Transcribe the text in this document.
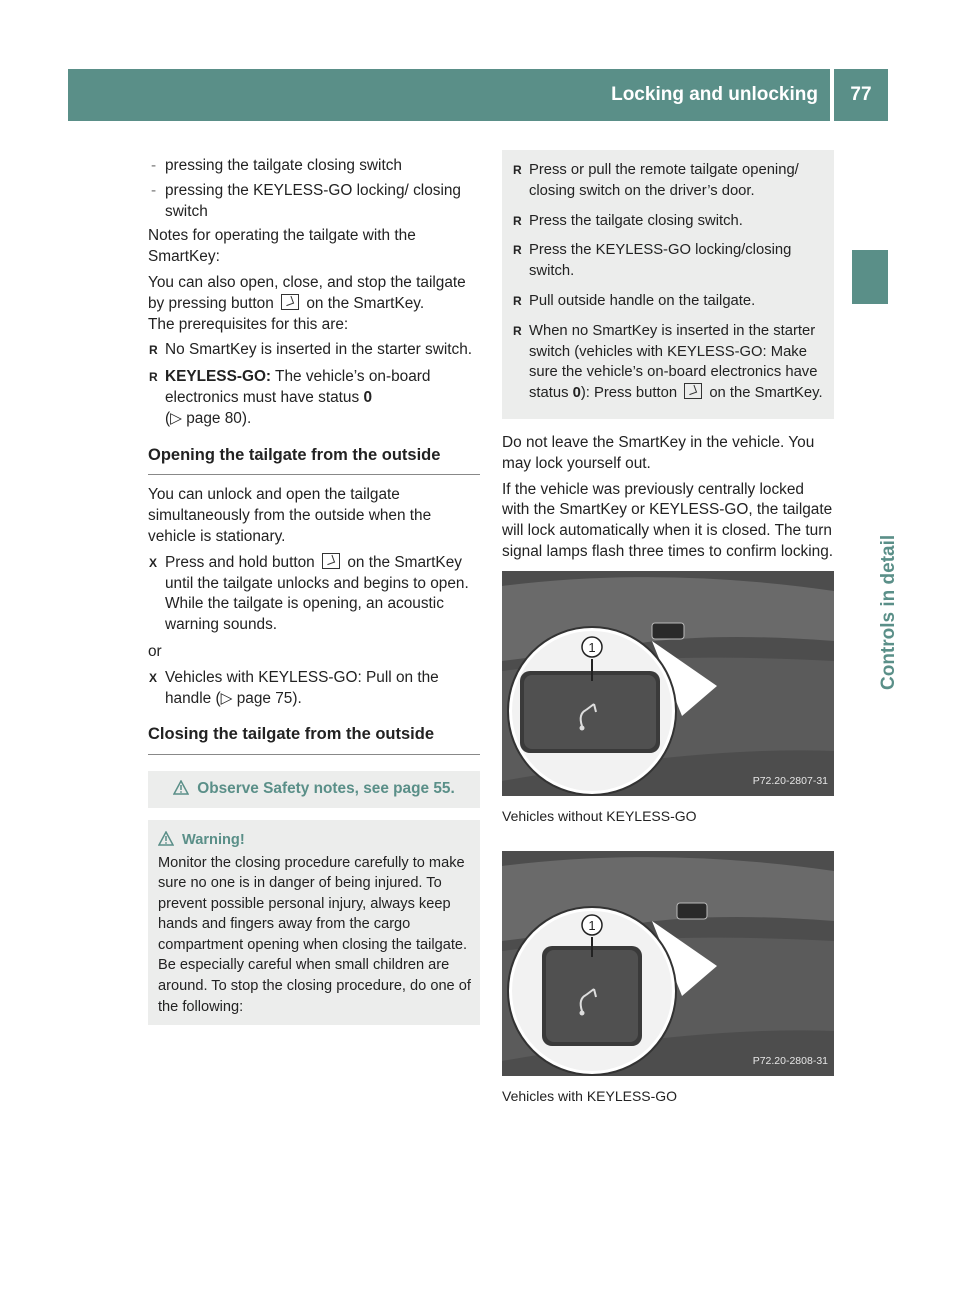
Locking and unlocking	77
Controls in detail
- pressing the tailgate closing switch
- pressing the KEYLESS-GO locking/ closing switch

Notes for operating the tailgate with the SmartKey:

You can also open, close, and stop the tailgate by pressing button on the SmartKey.

The prerequisites for this are:

R No SmartKey is inserted in the starter switch.
R KEYLESS-GO: The vehicle’s on-board electronics must have status 0
(▷ page 80).
Opening the tailgate from the outside

You can unlock and open the tailgate simultaneously from the outside when the vehicle is stationary.

X Press and hold button on the SmartKey until the tailgate unlocks and begins to open.
While the tailgate is opening, an acoustic warning sounds.

or

X Vehicles with KEYLESS-GO: Pull on the handle (▷ page 75).
Closing the tailgate from the outside
Observe Safety notes, see page 55.
Warning!
Monitor the closing procedure carefully to make sure no one is in danger of being injured. To prevent possible personal injury, always keep hands and fingers away from the cargo compartment opening when closing the tailgate. Be especially careful when small children are around. To stop the closing procedure, do one of the following:
R Press or pull the remote tailgate opening/ closing switch on the driver’s door.
R Press the tailgate closing switch.
R Press the KEYLESS-GO locking/closing switch.
R Pull outside handle on the tailgate.
R When no SmartKey is inserted in the starter switch (vehicles with KEYLESS-GO: Make sure the vehicle’s on-board electronics have status 0): Press button on the SmartKey.

Do not leave the SmartKey in the vehicle. You may lock yourself out.

If the vehicle was previously centrally locked with the SmartKey or KEYLESS-GO, the tailgate will lock automatically when it is closed. The turn signal lamps flash three times to confirm locking.

1
P72.20-2807-31
Vehicles without KEYLESS-GO
1
P72.20-2808-31
Vehicles with KEYLESS-GO
